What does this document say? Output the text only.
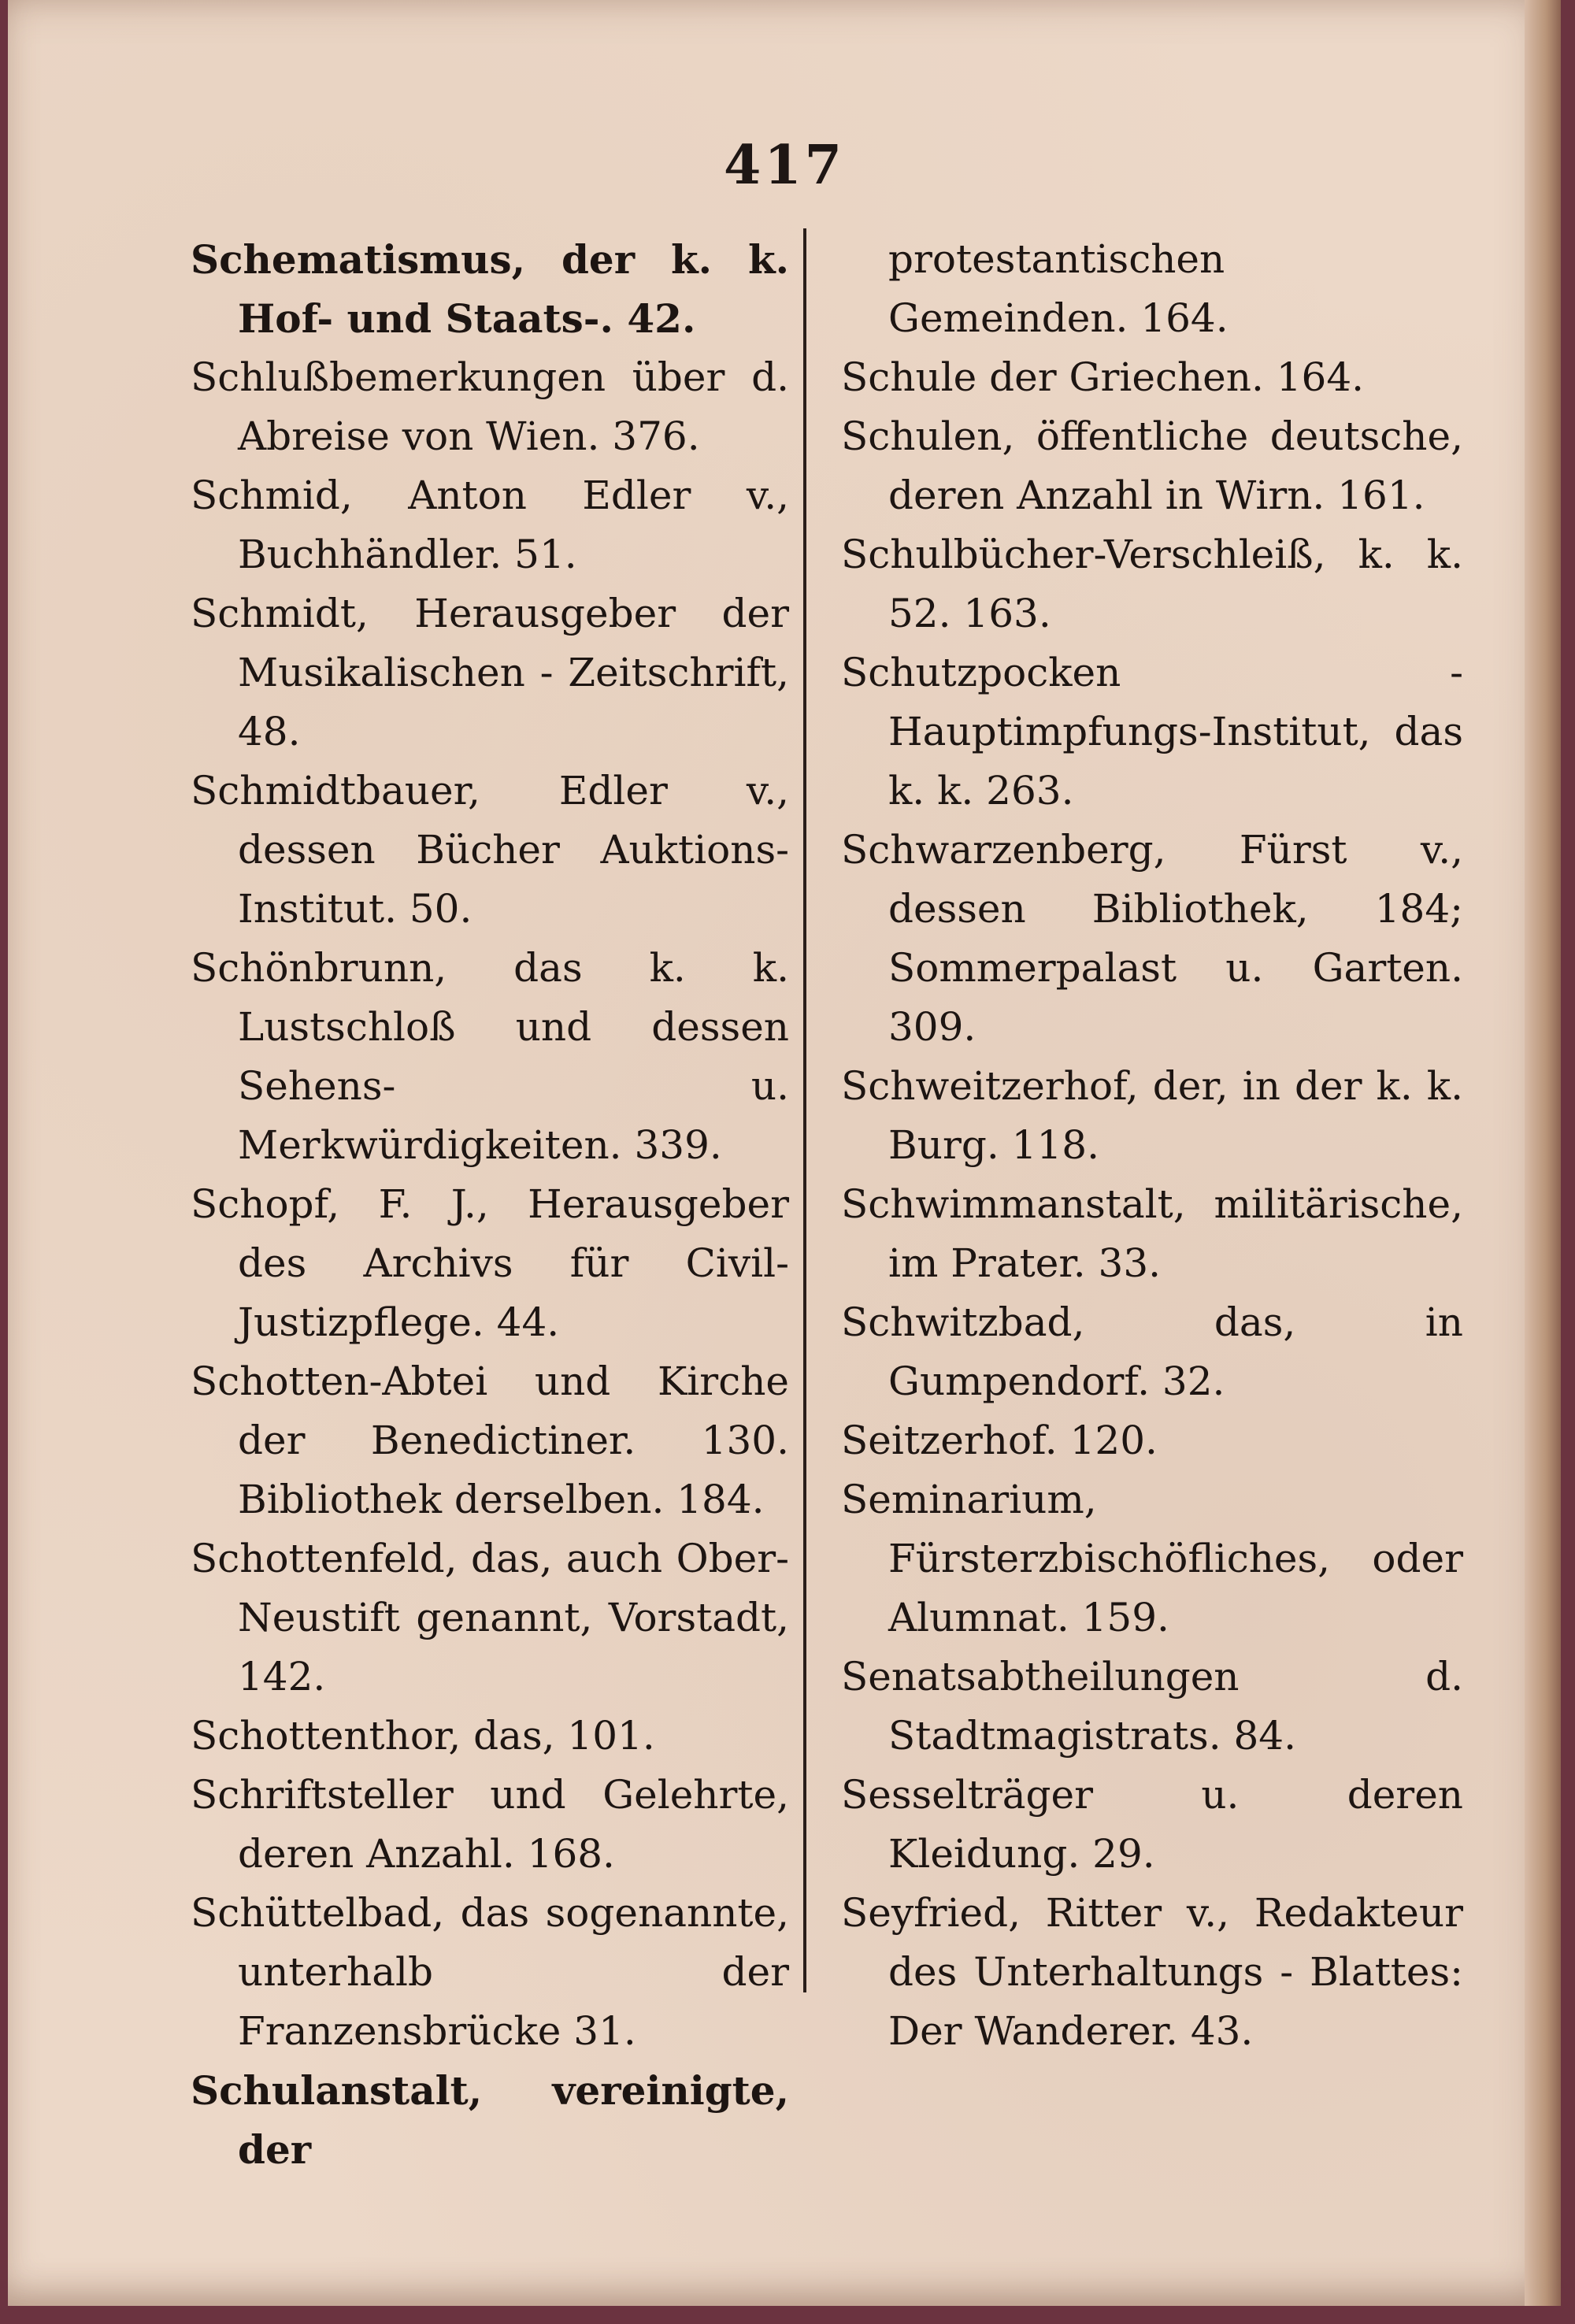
417

Schematismus, der k. k. Hof- und Staats-. 42.

Schlußbemerkungen über d. Abreise von Wien. 376.

Schmid, Anton Edler v., Buchhändler. 51.

Schmidt, Herausgeber der Musikalischen - Zeitschrift, 48.

Schmidtbauer, Edler v., dessen Bücher Auktions-Institut. 50.

Schönbrunn, das k. k. Lustschloß und dessen Sehens- u. Merkwürdigkeiten. 339.

Schopf, F. J., Herausgeber des Archivs für Civil-Justizpflege. 44.

Schotten-Abtei und Kirche der Benedictiner. 130. Bibliothek derselben. 184.

Schottenfeld, das, auch Ober-Neustift genannt, Vorstadt, 142.

Schottenthor, das, 101.

Schriftsteller und Gelehrte, deren Anzahl. 168.

Schüttelbad, das sogenannte, unterhalb der Franzensbrücke 31.

Schulanstalt, vereinigte, der

protestantischen Gemeinden. 164.

Schule der Griechen. 164.

Schulen, öffentliche deutsche, deren Anzahl in Wirn. 161.

Schulbücher-Verschleiß, k. k. 52. 163.

Schutzpocken - Hauptimpfungs-Institut, das k. k. 263.

Schwarzenberg, Fürst v., dessen Bibliothek, 184; Sommerpalast u. Garten. 309.

Schweitzerhof, der, in der k. k. Burg. 118.

Schwimmanstalt, militärische, im Prater. 33.

Schwitzbad, das, in Gumpendorf. 32.

Seitzerhof. 120.

Seminarium, Fürsterzbischöfliches, oder Alumnat. 159.

Senatsabtheilungen d. Stadtmagistrats. 84.

Sesselträger u. deren Kleidung. 29.

Seyfried, Ritter v., Redakteur des Unterhaltungs - Blattes: Der Wanderer. 43.
